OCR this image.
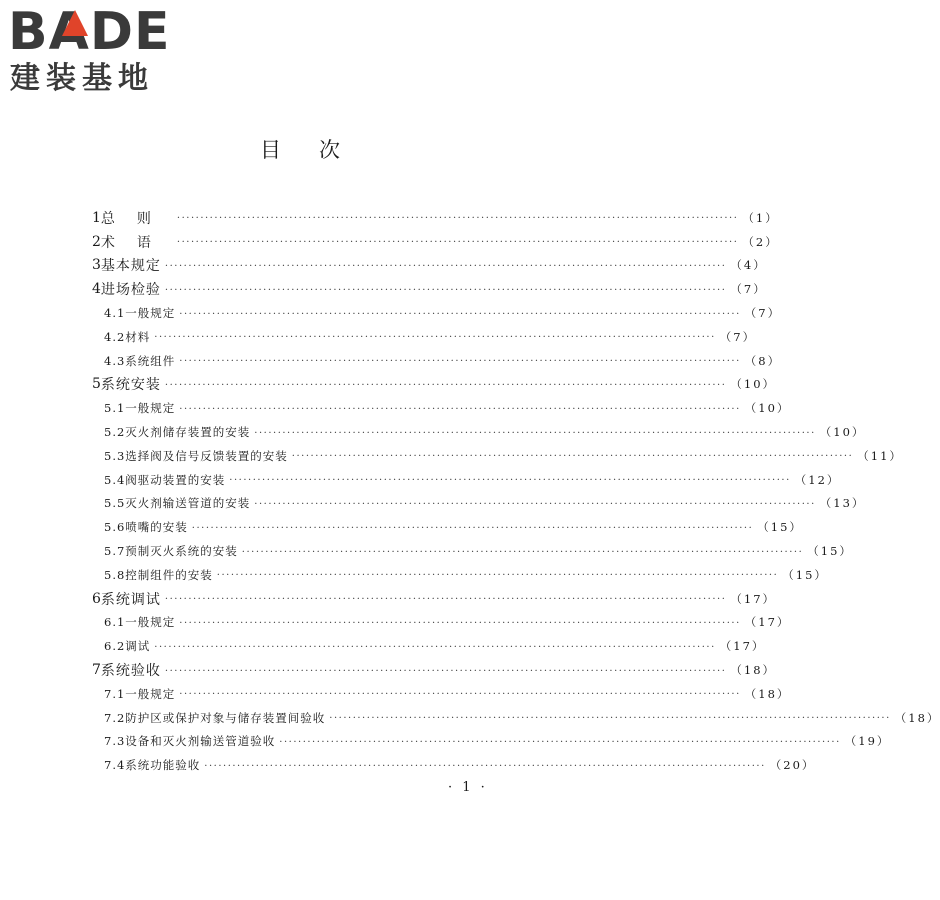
BADE
建装基地
目次
1 总则 ························································································································ （1）
2 术语 ························································································································ （2）
3 基本规定 ························································································································ （4）
4 进场检验 ························································································································ （7）
4.1 一般规定 ························································································································ （7）
4.2 材料 ························································································································ （7）
4.3 系统组件 ························································································································ （8）
5 系统安装 ························································································································ （10）
5.1 一般规定 ························································································································ （10）
5.2 灭火剂储存装置的安装 ························································································································ （10）
5.3 选择阀及信号反馈装置的安装 ························································································································ （11）
5.4 阀驱动装置的安装 ························································································································ （12）
5.5 灭火剂输送管道的安装 ························································································································ （13）
5.6 喷嘴的安装 ························································································································ （15）
5.7 预制灭火系统的安装 ························································································································ （15）
5.8 控制组件的安装 ························································································································ （15）
6 系统调试 ························································································································ （17）
6.1 一般规定 ························································································································ （17）
6.2 调试 ························································································································ （17）
7 系统验收 ························································································································ （18）
7.1 一般规定 ························································································································ （18）
7.2 防护区或保护对象与储存装置间验收 ························································································································ （18）
7.3 设备和灭火剂输送管道验收 ························································································································ （19）
7.4 系统功能验收 ························································································································ （20）
· 1 ·
